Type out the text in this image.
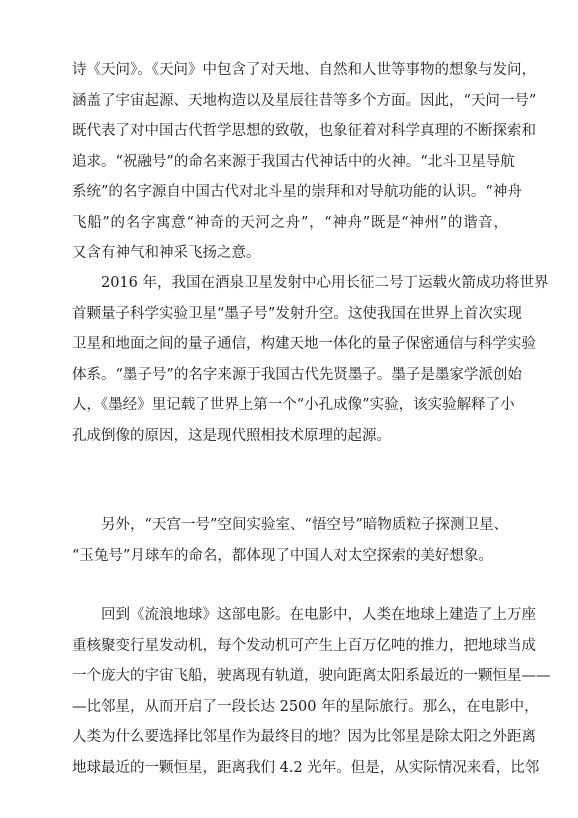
诗《天问》。《天问》中包含了对天地、自然和人世等事物的想象与发问，
涵盖了宇宙起源、天地构造以及星辰往昔等多个方面。因此，“天问一号”
既代表了对中国古代哲学思想的致敬，也象征着对科学真理的不断探索和
追求。“祝融号”的命名来源于我国古代神话中的火神。“北斗卫星导航
系统”的名字源自中国古代对北斗星的崇拜和对导航功能的认识。“神舟
飞船”的名字寓意“神奇的天河之舟”，“神舟”既是“神州”的谐音，
又含有神气和神采飞扬之意。
2016 年，我国在酒泉卫星发射中心用长征二号丁运载火箭成功将世界
首颗量子科学实验卫星“墨子号”发射升空。这使我国在世界上首次实现
卫星和地面之间的量子通信，构建天地一体化的量子保密通信与科学实验
体系。“墨子号”的名字来源于我国古代先贤墨子。墨子是墨家学派创始
人，《墨经》里记载了世界上第一个“小孔成像”实验，该实验解释了小
孔成倒像的原因，这是现代照相技术原理的起源。
另外，“天宫一号”空间实验室、“悟空号”暗物质粒子探测卫星、
“玉兔号”月球车的命名，都体现了中国人对太空探索的美好想象。
回到《流浪地球》这部电影。在电影中，人类在地球上建造了上万座
重核聚变行星发动机，每个发动机可产生上百万亿吨的推力，把地球当成
一个庞大的宇宙飞船，驶离现有轨道，驶向距离太阳系最近的一颗恒星——
—比邻星，从而开启了一段长达 2500 年的星际旅行。那么，在电影中，
人类为什么要选择比邻星作为最终目的地？因为比邻星是除太阳之外距离
地球最近的一颗恒星，距离我们 4.2 光年。但是，从实际情况来看，比邻
